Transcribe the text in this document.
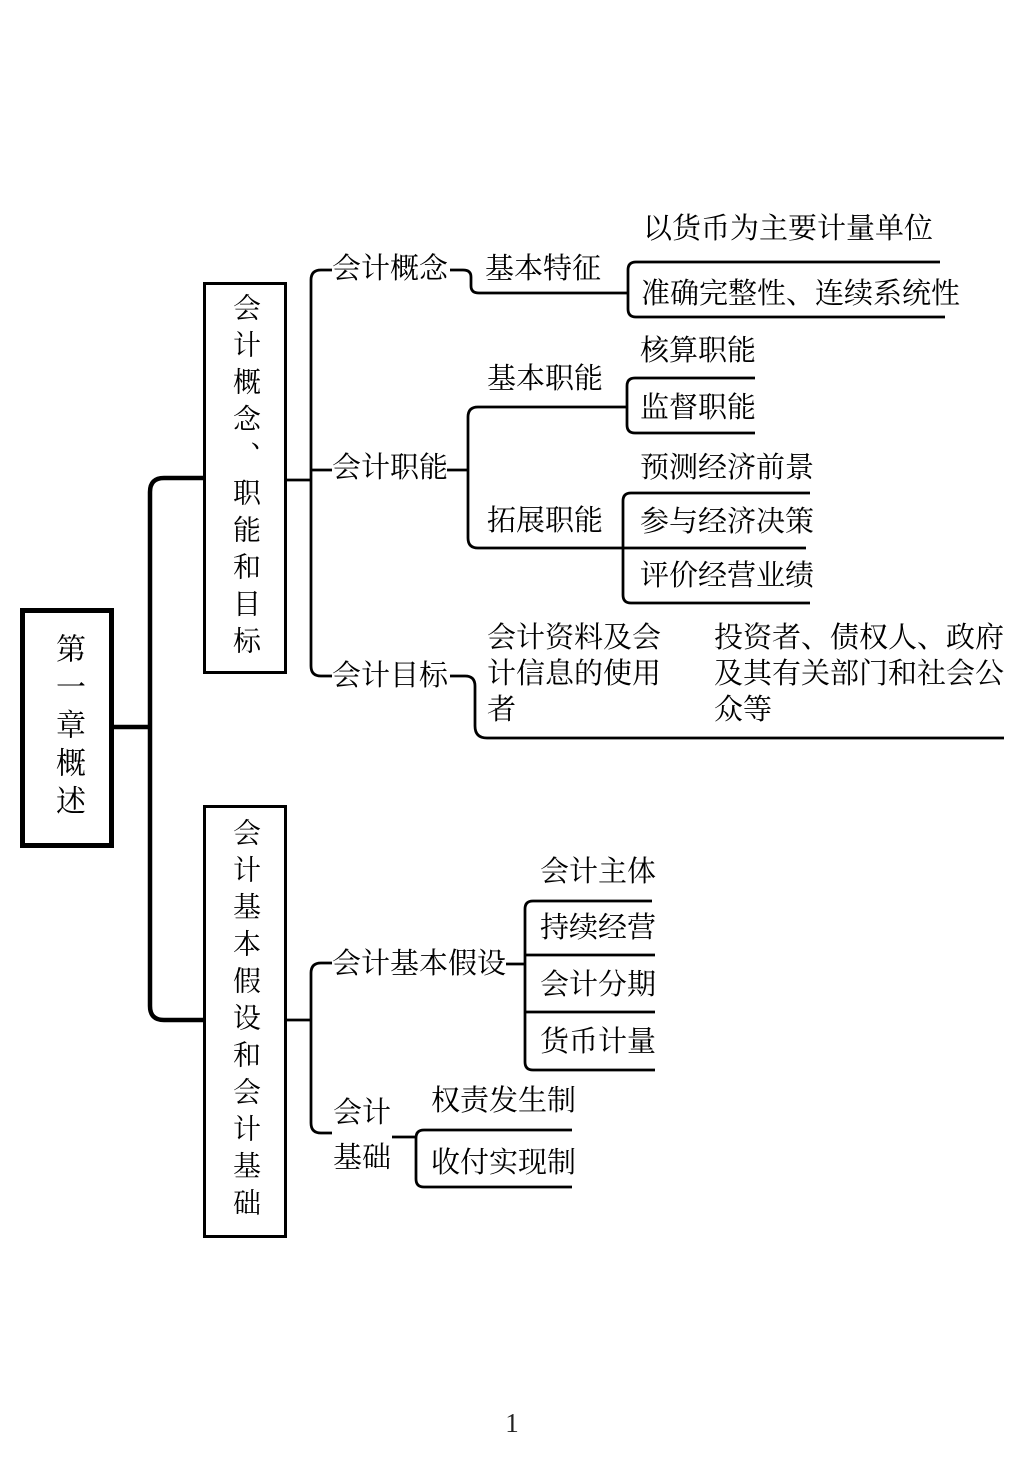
第一章概述
会计概念、职能和目标
会计基本假设和会计基础
会计概念 基本特征
以货币为主要计量单位
准确完整性、连续系统性
基本职能
核算职能
监督职能
会计职能
拓展职能
预测经济前景
参与经济决策
评价经营业绩
会计目标
会计资料及会计信息的使用者
投资者、债权人、政府及其有关部门和社会公众等
会计基本假设
会计主体
持续经营
会计分期
货币计量
会计基础
权责发生制
收付实现制
1
